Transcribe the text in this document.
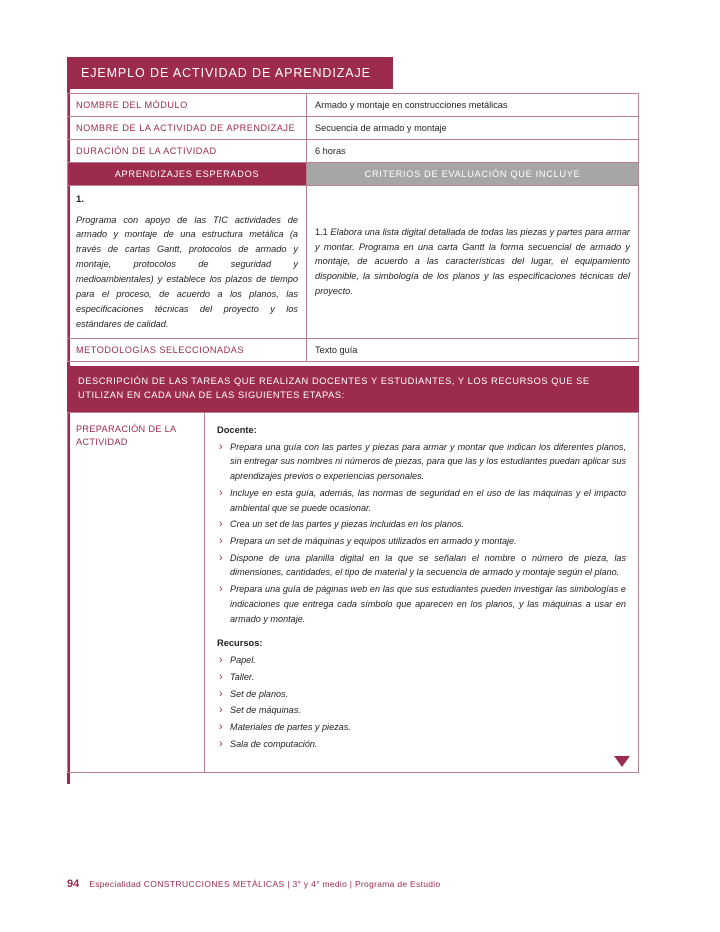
EJEMPLO DE ACTIVIDAD DE APRENDIZAJE
NOMBRE DEL MÓDULO	Armado y montaje en construcciones metálicas
NOMBRE DE LA ACTIVIDAD DE APRENDIZAJE	Secuencia de armado y montaje
DURACIÓN DE LA ACTIVIDAD	6 horas
APRENDIZAJES ESPERADOS	CRITERIOS DE EVALUACIÓN QUE INCLUYE

1.
Programa con apoyo de las TIC actividades de armado y montaje de una estructura metálica (a través de cartas Gantt, protocolos de armado y montaje, protocolos de seguridad y medioambientales) y establece los plazos de tiempo para el proceso, de acuerdo a los planos, las especificaciones técnicas del proyecto y los estándares de calidad.	1.1 Elabora una lista digital detallada de todas las piezas y partes para armar y montar. Programa en una carta Gantt la forma secuencial de armado y montaje, de acuerdo a las características del lugar, el equipamiento disponible, la simbología de los planos y las especificaciones técnicas del proyecto.
METODOLOGÍAS SELECCIONADAS	Texto guía
DESCRIPCIÓN DE LAS TAREAS QUE REALIZAN DOCENTES Y ESTUDIANTES, Y LOS RECURSOS QUE SE UTILIZAN EN CADA UNA DE LAS SIGUIENTES ETAPAS:
PREPARACIÓN DE LA ACTIVIDAD	
Docente:
› Prepara una guía con las partes y piezas para armar y montar que indican los diferentes planos, sin entregar sus nombres ni números de piezas, para que las y los estudiantes puedan aplicar sus aprendizajes previos o experiencias personales.
› Incluye en esta guía, además, las normas de seguridad en el uso de las máquinas y el impacto ambiental que se puede ocasionar.
› Crea un set de las partes y piezas incluidas en los planos.
› Prepara un set de máquinas y equipos utilizados en armado y montaje.
› Dispone de una planilla digital en la que se señalan el nombre o número de pieza, las dimensiones, cantidades, el tipo de material y la secuencia de armado y montaje según el plano.
› Prepara una guía de páginas web en las que sus estudiantes pueden investigar las simbologías e indicaciones que entrega cada símbolo que aparecen en los planos, y las máquinas a usar en armado y montaje.
Recursos:
› Papel.
› Taller.
› Set de planos.
› Set de máquinas.
› Materiales de partes y piezas.
› Sala de computación.
94 Especialidad CONSTRUCCIONES METÁLICAS | 3° y 4° medio | Programa de Estudio
